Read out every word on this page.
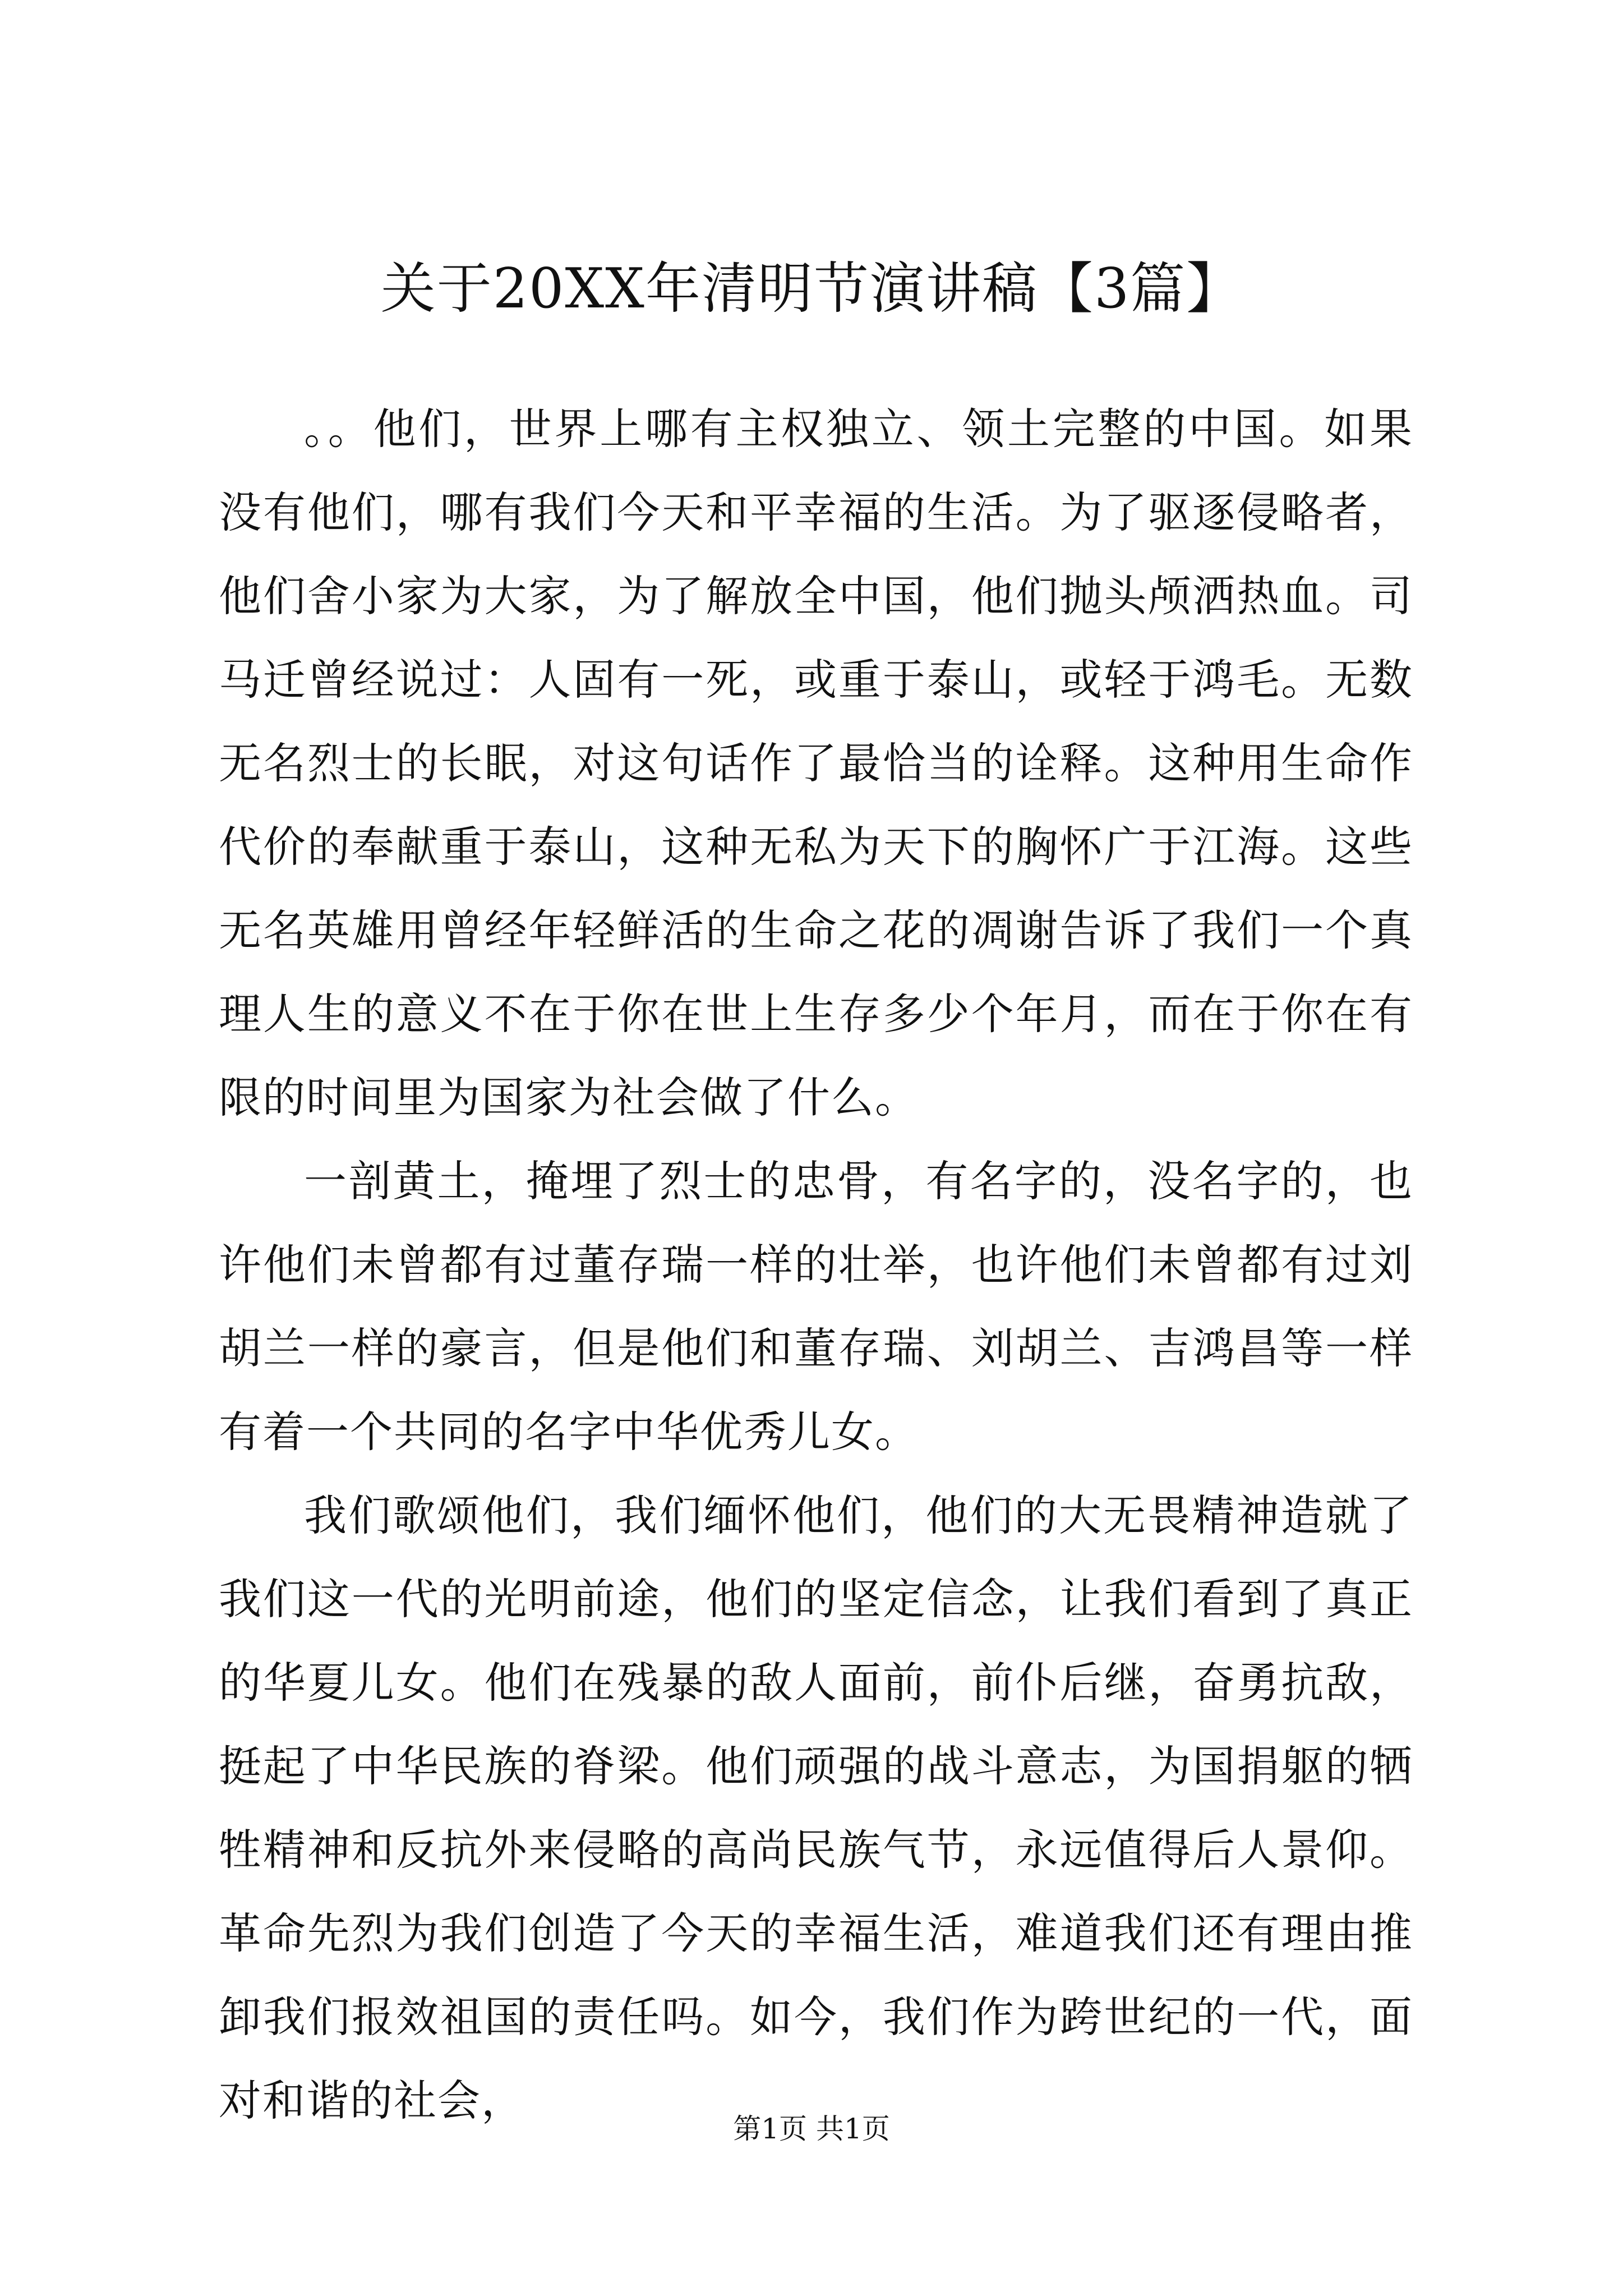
关于20XX年清明节演讲稿【3篇】

。。他们，世界上哪有主权独立、领土完整的中国。如果没有他们，哪有我们今天和平幸福的生活。为了驱逐侵略者，他们舍小家为大家，为了解放全中国，他们抛头颅洒热血。司马迁曾经说过：人固有一死，或重于泰山，或轻于鸿毛。无数无名烈士的长眠，对这句话作了最恰当的诠释。这种用生命作代价的奉献重于泰山，这种无私为天下的胸怀广于江海。这些无名英雄用曾经年轻鲜活的生命之花的凋谢告诉了我们一个真理人生的意义不在于你在世上生存多少个年月，而在于你在有限的时间里为国家为社会做了什么。

一剖黄土，掩埋了烈士的忠骨，有名字的，没名字的，也许他们未曾都有过董存瑞一样的壮举，也许他们未曾都有过刘胡兰一样的豪言，但是他们和董存瑞、刘胡兰、吉鸿昌等一样有着一个共同的名字中华优秀儿女。

我们歌颂他们，我们缅怀他们，他们的大无畏精神造就了我们这一代的光明前途，他们的坚定信念，让我们看到了真正的华夏儿女。他们在残暴的敌人面前，前仆后继，奋勇抗敌，挺起了中华民族的脊梁。他们顽强的战斗意志，为国捐躯的牺牲精神和反抗外来侵略的高尚民族气节，永远值得后人景仰。革命先烈为我们创造了今天的幸福生活，难道我们还有理由推卸我们报效祖国的责任吗。如今，我们作为跨世纪的一代，面对和谐的社会，

第1页 共1页
